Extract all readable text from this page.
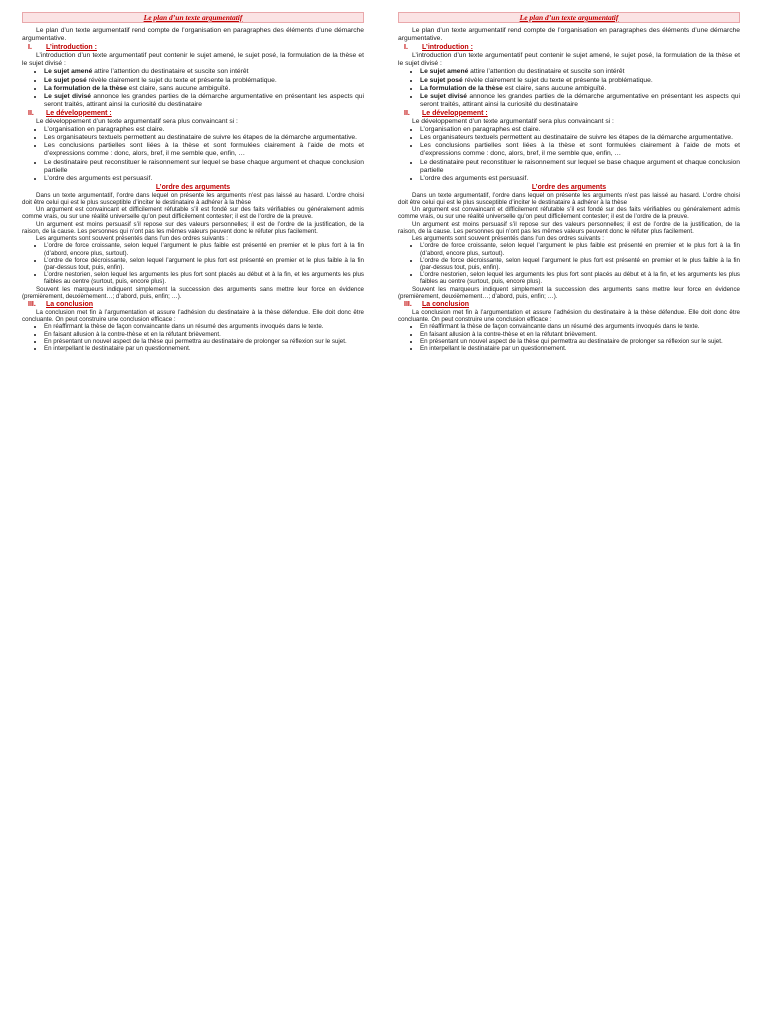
Le plan d’un texte argumentatif

Le plan d’un texte argumentatif rend compte de l’organisation en paragraphes des éléments d’une démarche argumentative.

I. L’introduction :

L’introduction d’un texte argumentatif peut contenir le sujet amené, le sujet posé, la formulation de la thèse et le sujet divisé :

• Le sujet amené attire l’attention du destinataire et suscite son intérêt
• Le sujet posé révèle clairement le sujet du texte et présente la problématique.
• La formulation de la thèse est claire, sans aucune ambiguïté.
• Le sujet divisé annonce les grandes parties de la démarche argumentative en présentant les aspects qui seront traités, attirant ainsi la curiosité du destinataire
II. Le développement :

Le développement d’un texte argumentatif sera plus convaincant si :

• L’organisation en paragraphes est claire.
• Les organisateurs textuels permettent au destinataire de suivre les étapes de la démarche argumentative.
• Les conclusions partielles sont liées à la thèse et sont formulées clairement à l’aide de mots et d’expressions comme : donc, alors, bref, il me semble que, enfin, …
• Le destinataire peut reconstituer le raisonnement sur lequel se base chaque argument et chaque conclusion partielle
• L’ordre des arguments est persuasif.
L’ordre des arguments

Dans un texte argumentatif, l’ordre dans lequel on présente les arguments n’est pas laissé au hasard. L’ordre choisi doit être celui qui est le plus susceptible d’inciter le destinataire à adhérer à la thèse

Un argument est convaincant et difficilement réfutable s’il est fondé sur des faits vérifiables ou généralement admis comme vrais, ou sur une réalité universelle qu’on peut difficilement contester; il est de l’ordre de la preuve.

Un argument est moins persuasif s’il repose sur des valeurs personnelles; il est de l’ordre de la justification, de la raison, de la cause. Les personnes qui n’ont pas les mêmes valeurs peuvent donc le réfuter plus facilement.

Les arguments sont souvent présentés dans l’un des ordres suivants :

• L’ordre de force croissante, selon lequel l’argument le plus faible est présenté en premier et le plus fort à la fin (d’abord, encore plus, surtout).
• L’ordre de force décroissante, selon lequel l’argument le plus fort est présenté en premier et le plus faible à la fin (par-dessus tout, puis, enfin).
• L’ordre nestorien, selon lequel les arguments les plus fort sont placés au début et à la fin, et les arguments les plus faibles au centre (surtout, puis, encore plus).

Souvent les marqueurs indiquent simplement la succession des arguments sans mettre leur force en évidence (premièrement, deuxièmement…; d’abord, puis, enfin; …).

III. La conclusion

La conclusion met fin à l’argumentation et assure l’adhésion du destinataire à la thèse défendue. Elle doit donc être concluante. On peut construire une conclusion efficace :

• En réaffirmant la thèse de façon convaincante dans un résumé des arguments invoqués dans le texte.
• En faisant allusion à la contre-thèse et en la réfutant brièvement.
• En présentant un nouvel aspect de la thèse qui permettra au destinataire de prolonger sa réflexion sur le sujet.
• En interpellant le destinataire par un questionnement.
Le plan d’un texte argumentatif

Le plan d’un texte argumentatif rend compte de l’organisation en paragraphes des éléments d’une démarche argumentative.

I. L’introduction :

L’introduction d’un texte argumentatif peut contenir le sujet amené, le sujet posé, la formulation de la thèse et le sujet divisé :

• Le sujet amené attire l’attention du destinataire et suscite son intérêt
• Le sujet posé révèle clairement le sujet du texte et présente la problématique.
• La formulation de la thèse est claire, sans aucune ambiguïté.
• Le sujet divisé annonce les grandes parties de la démarche argumentative en présentant les aspects qui seront traités, attirant ainsi la curiosité du destinataire
II. Le développement :

Le développement d’un texte argumentatif sera plus convaincant si :

• L’organisation en paragraphes est claire.
• Les organisateurs textuels permettent au destinataire de suivre les étapes de la démarche argumentative.
• Les conclusions partielles sont liées à la thèse et sont formulées clairement à l’aide de mots et d’expressions comme : donc, alors, bref, il me semble que, enfin, …
• Le destinataire peut reconstituer le raisonnement sur lequel se base chaque argument et chaque conclusion partielle
• L’ordre des arguments est persuasif.
L’ordre des arguments

Dans un texte argumentatif, l’ordre dans lequel on présente les arguments n’est pas laissé au hasard. L’ordre choisi doit être celui qui est le plus susceptible d’inciter le destinataire à adhérer à la thèse

Un argument est convaincant et difficilement réfutable s’il est fondé sur des faits vérifiables ou généralement admis comme vrais, ou sur une réalité universelle qu’on peut difficilement contester; il est de l’ordre de la preuve.

Un argument est moins persuasif s’il repose sur des valeurs personnelles; il est de l’ordre de la justification, de la raison, de la cause. Les personnes qui n’ont pas les mêmes valeurs peuvent donc le réfuter plus facilement.

Les arguments sont souvent présentés dans l’un des ordres suivants :

• L’ordre de force croissante, selon lequel l’argument le plus faible est présenté en premier et le plus fort à la fin (d’abord, encore plus, surtout).
• L’ordre de force décroissante, selon lequel l’argument le plus fort est présenté en premier et le plus faible à la fin (par-dessus tout, puis, enfin).
• L’ordre nestorien, selon lequel les arguments les plus fort sont placés au début et à la fin, et les arguments les plus faibles au centre (surtout, puis, encore plus).

Souvent les marqueurs indiquent simplement la succession des arguments sans mettre leur force en évidence (premièrement, deuxièmement…; d’abord, puis, enfin; …).

III. La conclusion

La conclusion met fin à l’argumentation et assure l’adhésion du destinataire à la thèse défendue. Elle doit donc être concluante. On peut construire une conclusion efficace :

• En réaffirmant la thèse de façon convaincante dans un résumé des arguments invoqués dans le texte.
• En faisant allusion à la contre-thèse et en la réfutant brièvement.
• En présentant un nouvel aspect de la thèse qui permettra au destinataire de prolonger sa réflexion sur le sujet.
• En interpellant le destinataire par un questionnement.
